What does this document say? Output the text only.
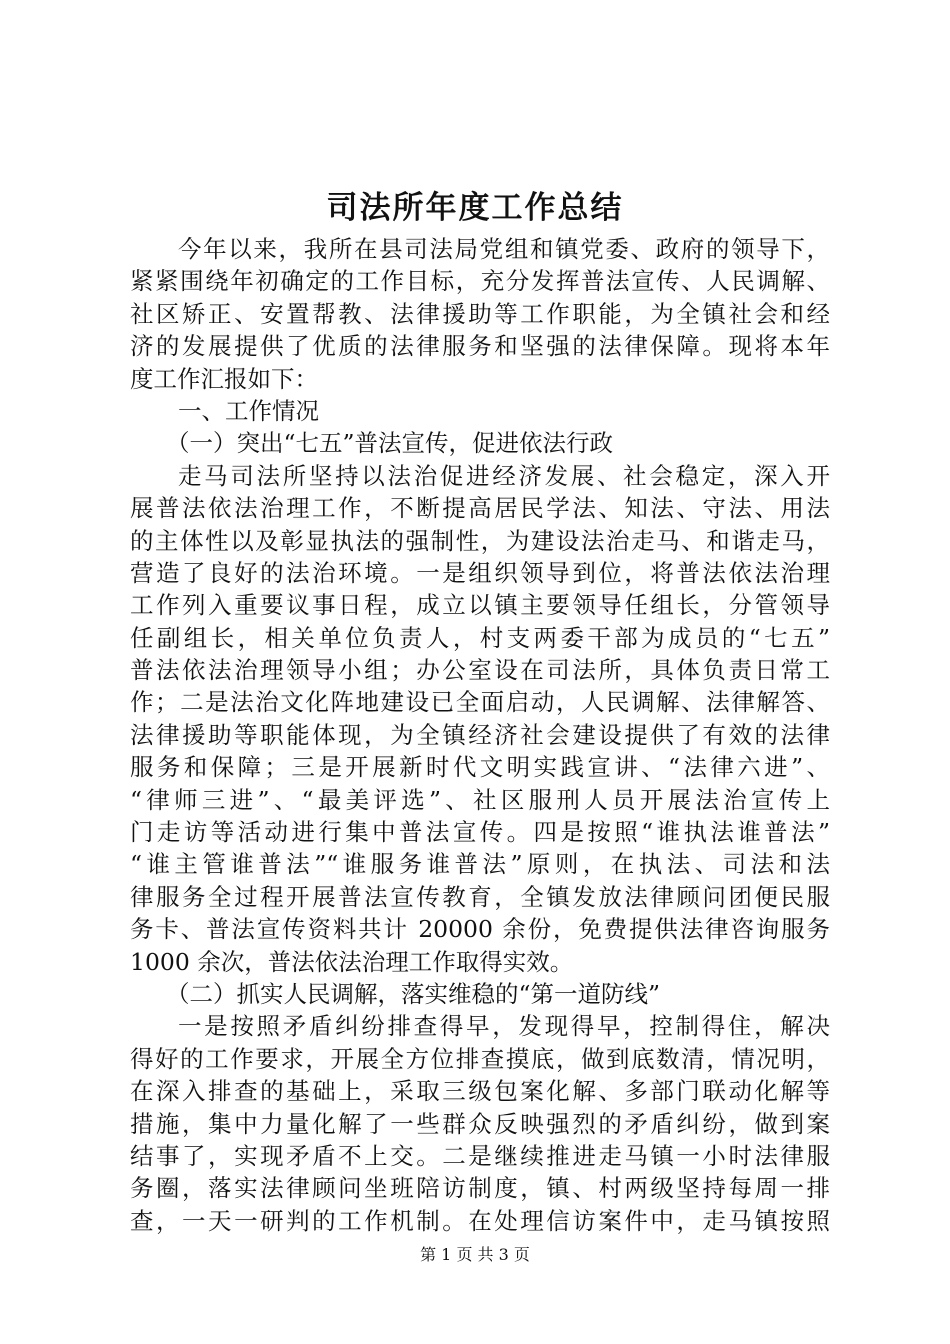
司法所年度工作总结
今年以来，我所在县司法局党组和镇党委、政府的领导下，
紧紧围绕年初确定的工作目标，充分发挥普法宣传、人民调解、
社区矫正、安置帮教、法律援助等工作职能，为全镇社会和经
济的发展提供了优质的法律服务和坚强的法律保障。现将本年
度工作汇报如下：
一、工作情况
（一）突出“七五”普法宣传，促进依法行政
走马司法所坚持以法治促进经济发展、社会稳定，深入开
展普法依法治理工作，不断提高居民学法、知法、守法、用法
的主体性以及彰显执法的强制性，为建设法治走马、和谐走马，
营造了良好的法治环境。一是组织领导到位，将普法依法治理
工作列入重要议事日程，成立以镇主要领导任组长，分管领导
任副组长，相关单位负责人，村支两委干部为成员的“七五”
普法依法治理领导小组；办公室设在司法所，具体负责日常工
作；二是法治文化阵地建设已全面启动，人民调解、法律解答、
法律援助等职能体现，为全镇经济社会建设提供了有效的法律
服务和保障；三是开展新时代文明实践宣讲、“法律六进”、
“律师三进”、“最美评选”、社区服刑人员开展法治宣传上
门走访等活动进行集中普法宣传。四是按照“谁执法谁普法”
“谁主管谁普法”“谁服务谁普法”原则，在执法、司法和法
律服务全过程开展普法宣传教育，全镇发放法律顾问团便民服
务卡、普法宣传资料共计 20000 余份，免费提供法律咨询服务
1000 余次，普法依法治理工作取得实效。
（二）抓实人民调解，落实维稳的“第一道防线”
一是按照矛盾纠纷排查得早，发现得早，控制得住，解决
得好的工作要求，开展全方位排查摸底，做到底数清，情况明，
在深入排查的基础上，采取三级包案化解、多部门联动化解等
措施，集中力量化解了一些群众反映强烈的矛盾纠纷，做到案
结事了，实现矛盾不上交。二是继续推进走马镇一小时法律服
务圈，落实法律顾问坐班陪访制度，镇、村两级坚持每周一排
查，一天一研判的工作机制。在处理信访案件中，走马镇按照
第 1 页 共 3 页
